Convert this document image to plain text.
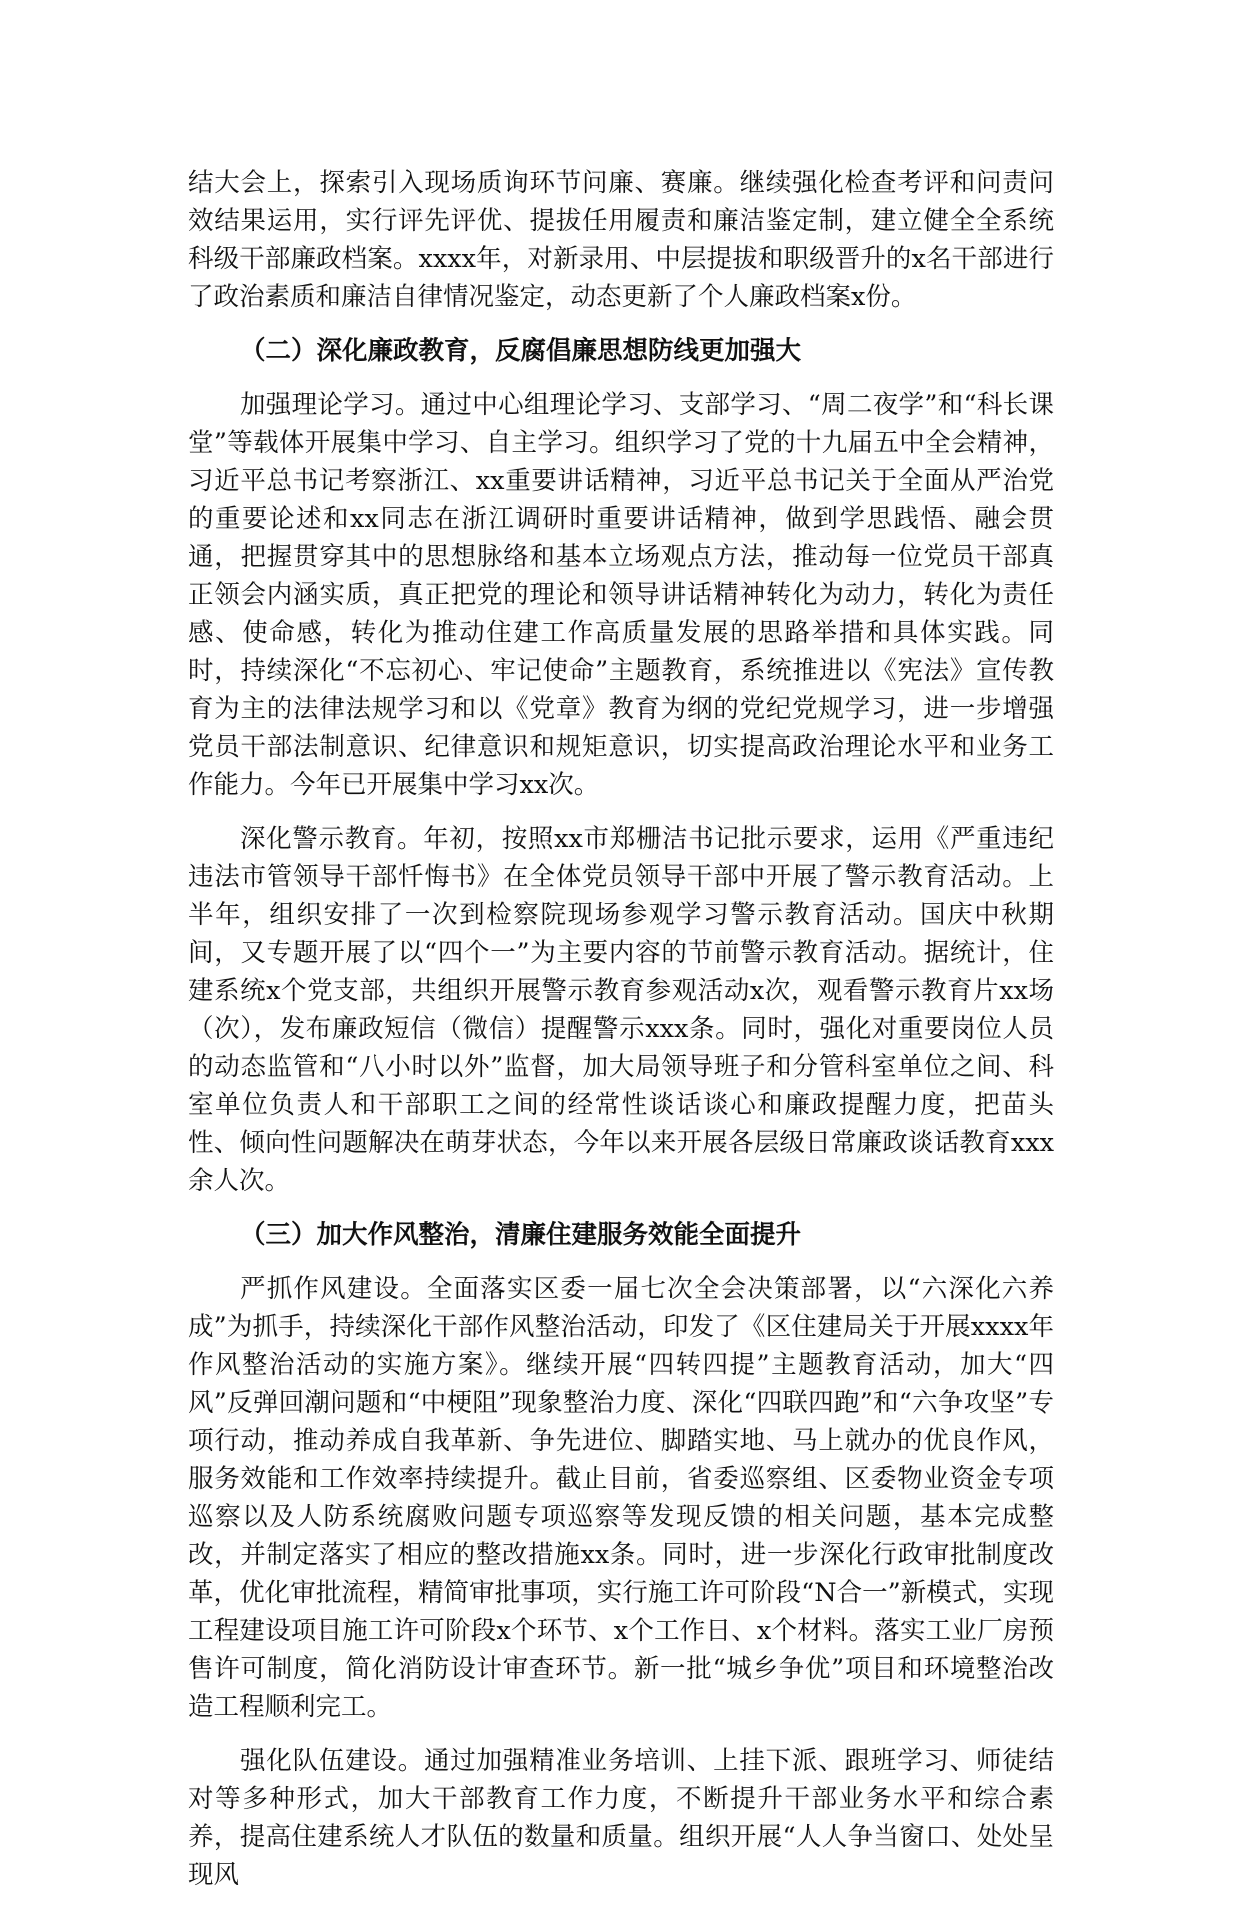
结大会上，探索引入现场质询环节问廉、赛廉。继续强化检查考评和问责问效结果运用，实行评先评优、提拔任用履责和廉洁鉴定制，建立健全全系统科级干部廉政档案。xxxx年，对新录用、中层提拔和职级晋升的x名干部进行了政治素质和廉洁自律情况鉴定，动态更新了个人廉政档案x份。

（二）深化廉政教育，反腐倡廉思想防线更加强大

加强理论学习。通过中心组理论学习、支部学习、“周二夜学”和“科长课堂”等载体开展集中学习、自主学习。组织学习了党的十九届五中全会精神，习近平总书记考察浙江、xx重要讲话精神，习近平总书记关于全面从严治党的重要论述和xx同志在浙江调研时重要讲话精神，做到学思践悟、融会贯通，把握贯穿其中的思想脉络和基本立场观点方法，推动每一位党员干部真正领会内涵实质，真正把党的理论和领导讲话精神转化为动力，转化为责任感、使命感，转化为推动住建工作高质量发展的思路举措和具体实践。同时，持续深化“不忘初心、牢记使命”主题教育，系统推进以《宪法》宣传教育为主的法律法规学习和以《党章》教育为纲的党纪党规学习，进一步增强党员干部法制意识、纪律意识和规矩意识，切实提高政治理论水平和业务工作能力。今年已开展集中学习xx次。

深化警示教育。年初，按照xx市郑栅洁书记批示要求，运用《严重违纪违法市管领导干部忏悔书》在全体党员领导干部中开展了警示教育活动。上半年，组织安排了一次到检察院现场参观学习警示教育活动。国庆中秋期间，又专题开展了以“四个一”为主要内容的节前警示教育活动。据统计，住建系统x个党支部，共组织开展警示教育参观活动x次，观看警示教育片xx场（次），发布廉政短信（微信）提醒警示xxx条。同时，强化对重要岗位人员的动态监管和“八小时以外”监督，加大局领导班子和分管科室单位之间、科室单位负责人和干部职工之间的经常性谈话谈心和廉政提醒力度，把苗头性、倾向性问题解决在萌芽状态，今年以来开展各层级日常廉政谈话教育xxx余人次。

（三）加大作风整治，清廉住建服务效能全面提升

严抓作风建设。全面落实区委一届七次全会决策部署，以“六深化六养成”为抓手，持续深化干部作风整治活动，印发了《区住建局关于开展xxxx年作风整治活动的实施方案》。继续开展“四转四提”主题教育活动，加大“四风”反弹回潮问题和“中梗阻”现象整治力度、深化“四联四跑”和“六争攻坚”专项行动，推动养成自我革新、争先进位、脚踏实地、马上就办的优良作风，服务效能和工作效率持续提升。截止目前，省委巡察组、区委物业资金专项巡察以及人防系统腐败问题专项巡察等发现反馈的相关问题，基本完成整改，并制定落实了相应的整改措施xx条。同时，进一步深化行政审批制度改革，优化审批流程，精简审批事项，实行施工许可阶段“N合一”新模式，实现工程建设项目施工许可阶段x个环节、x个工作日、x个材料。落实工业厂房预售许可制度，简化消防设计审查环节。新一批“城乡争优”项目和环境整治改造工程顺利完工。

强化队伍建设。通过加强精准业务培训、上挂下派、跟班学习、师徒结对等多种形式，加大干部教育工作力度，不断提升干部业务水平和综合素养，提高住建系统人才队伍的数量和质量。组织开展“人人争当窗口、处处呈现风
